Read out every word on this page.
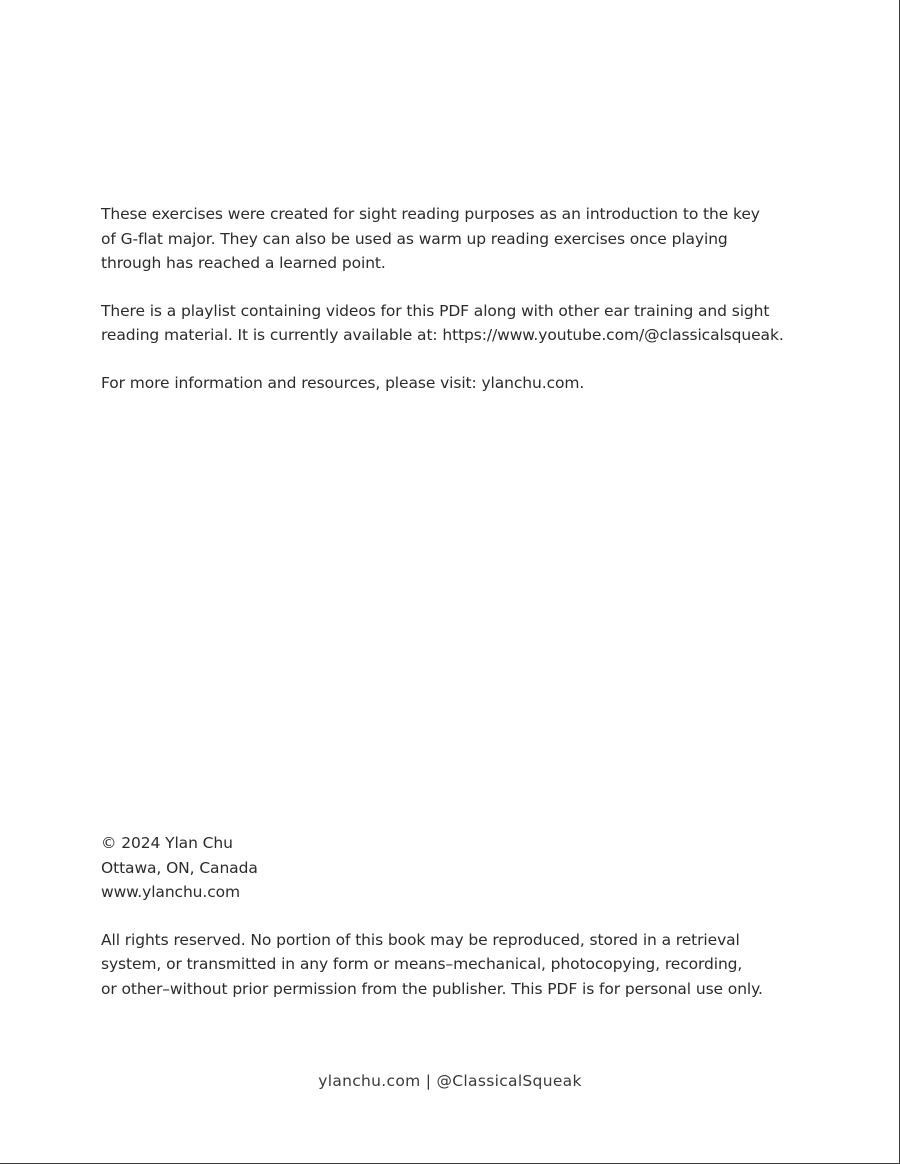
These exercises were created for sight reading purposes as an introduction to the key
of G-flat major. They can also be used as warm up reading exercises once playing
through has reached a learned point.

There is a playlist containing videos for this PDF along with other ear training and sight
reading material. It is currently available at: https://www.youtube.com/@classicalsqueak.

For more information and resources, please visit: ylanchu.com.

© 2024 Ylan Chu
Ottawa, ON, Canada
www.ylanchu.com

All rights reserved. No portion of this book may be reproduced, stored in a retrieval
system, or transmitted in any form or means–mechanical, photocopying, recording,
or other–without prior permission from the publisher. This PDF is for personal use only.

ylanchu.com | @ClassicalSqueak
